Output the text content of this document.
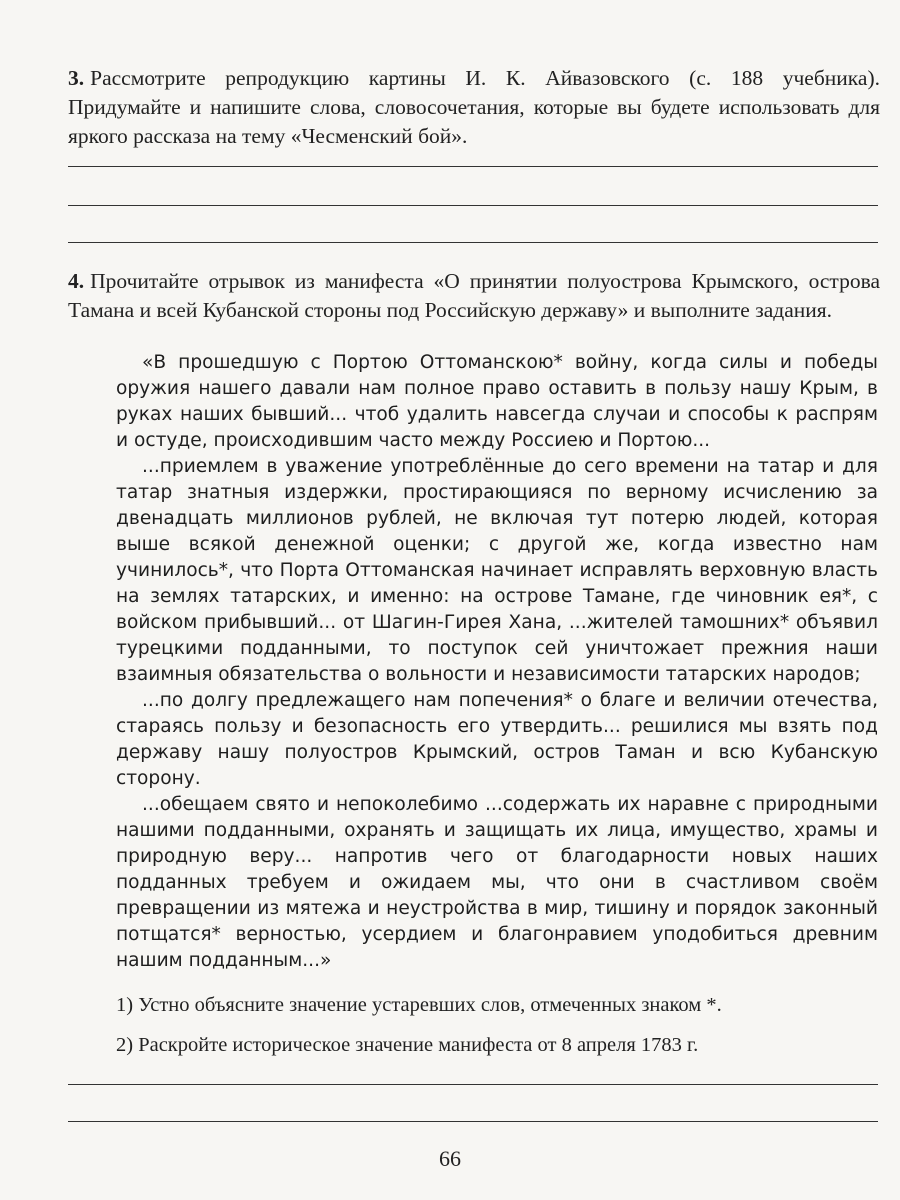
3. Рассмотрите репродукцию картины И. К. Айвазовского (с. 188 учебника). Придумайте и напишите слова, словосочетания, которые вы будете использовать для яркого рассказа на тему «Чесменский бой».
4. Прочитайте отрывок из манифеста «О принятии полуострова Крымского, острова Тамана и всей Кубанской стороны под Российскую державу» и выполните задания.

«В прошедшую с Портою Оттоманскою* войну, когда силы и победы оружия нашего давали нам полное право оставить в пользу нашу Крым, в руках наших бывший... чтоб удалить навсегда случаи и способы к распрям и остуде, происходившим часто между Россиею и Портою...

...приемлем в уважение употреблённые до сего времени на татар и для татар знатныя издержки, простирающияся по верному исчислению за двенадцать миллионов рублей, не включая тут потерю людей, которая выше всякой денежной оценки; с другой же, когда известно нам учинилось*, что Порта Оттоманская начинает исправлять верховную власть на землях татарских, и именно: на острове Тамане, где чиновник ея*, с войском прибывший... от Шагин-Гирея Хана, ...жителей тамошних* объявил турецкими подданными, то поступок сей уничтожает прежния наши взаимныя обязательства о вольности и независимости татарских народов;

...по долгу предлежащего нам попечения* о благе и величии отечества, стараясь пользу и безопасность его утвердить... решилися мы взять под державу нашу полуостров Крымский, остров Таман и всю Кубанскую сторону.

...обещаем свято и непоколебимо ...содержать их наравне с природными нашими подданными, охранять и защищать их лица, имущество, храмы и природную веру... напротив чего от благодарности новых наших подданных требуем и ожидаем мы, что они в счастливом своём превращении из мятежа и неустройства в мир, тишину и порядок законный потщатся* верностью, усердием и благонравием уподобиться древним нашим подданным...»

1) Устно объясните значение устаревших слов, отмеченных знаком *.
2) Раскройте историческое значение манифеста от 8 апреля 1783 г.
66
